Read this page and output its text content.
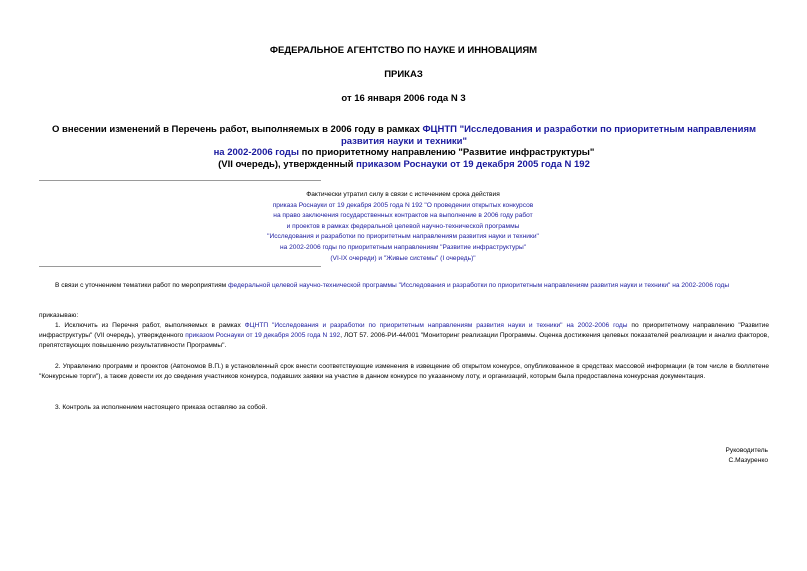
ФЕДЕРАЛЬНОЕ АГЕНТСТВО ПО НАУКЕ И ИННОВАЦИЯМ
ПРИКАЗ
от 16 января 2006 года N 3
О внесении изменений в Перечень работ, выполняемых в 2006 году в рамках ФЦНТП "Исследования и разработки по приоритетным направлениям развития науки и техники"
на 2002-2006 годы по приоритетному направлению "Развитие инфраструктуры"
(VII очередь), утвержденный приказом Роснауки от 19 декабря 2005 года N 192
Фактически утратил силу в связи с истечением срока действия
приказа Роснауки от 19 декабря 2005 года N 192 "О проведении открытых конкурсов
на право заключения государственных контрактов на выполнение в 2006 году работ
и проектов в рамках федеральной целевой научно-технической программы
"Исследования и разработки по приоритетным направлениям развития науки и техники"
на 2002-2006 годы по приоритетным направлениям "Развитие инфраструктуры"
(VI-IX очереди) и "Живые системы" (I очередь)"
В связи с уточнением тематики работ по мероприятиям федеральной целевой научно-технической программы "Исследования и разработки по приоритетным направлениям развития науки и техники" на 2002-2006 годы
приказываю:
1. Исключить из Перечня работ, выполняемых в рамках ФЦНТП "Исследования и разработки по приоритетным направлениям развития науки и техники" на 2002-2006 годы по приоритетному направлению "Развитие инфраструктуры" (VII очередь), утвержденного приказом Роснауки от 19 декабря 2005 года N 192, ЛОТ 57. 2006-РИ-44/001 "Мониторинг реализации Программы. Оценка достижения целевых показателей реализации и анализ факторов, препятствующих повышению результативности Программы".
2. Управлению программ и проектов (Автономов В.П.) в установленный срок внести соответствующие изменения в извещение об открытом конкурсе, опубликованное в средствах массовой информации (в том числе в бюллетене "Конкурсные торги"), а также довести их до сведения участников конкурса, подавших заявки на участие в данном конкурсе по указанному лоту, и организаций, которым была предоставлена конкурсная документация.
3. Контроль за исполнением настоящего приказа оставляю за собой.
Руководитель
С.Мазуренко
